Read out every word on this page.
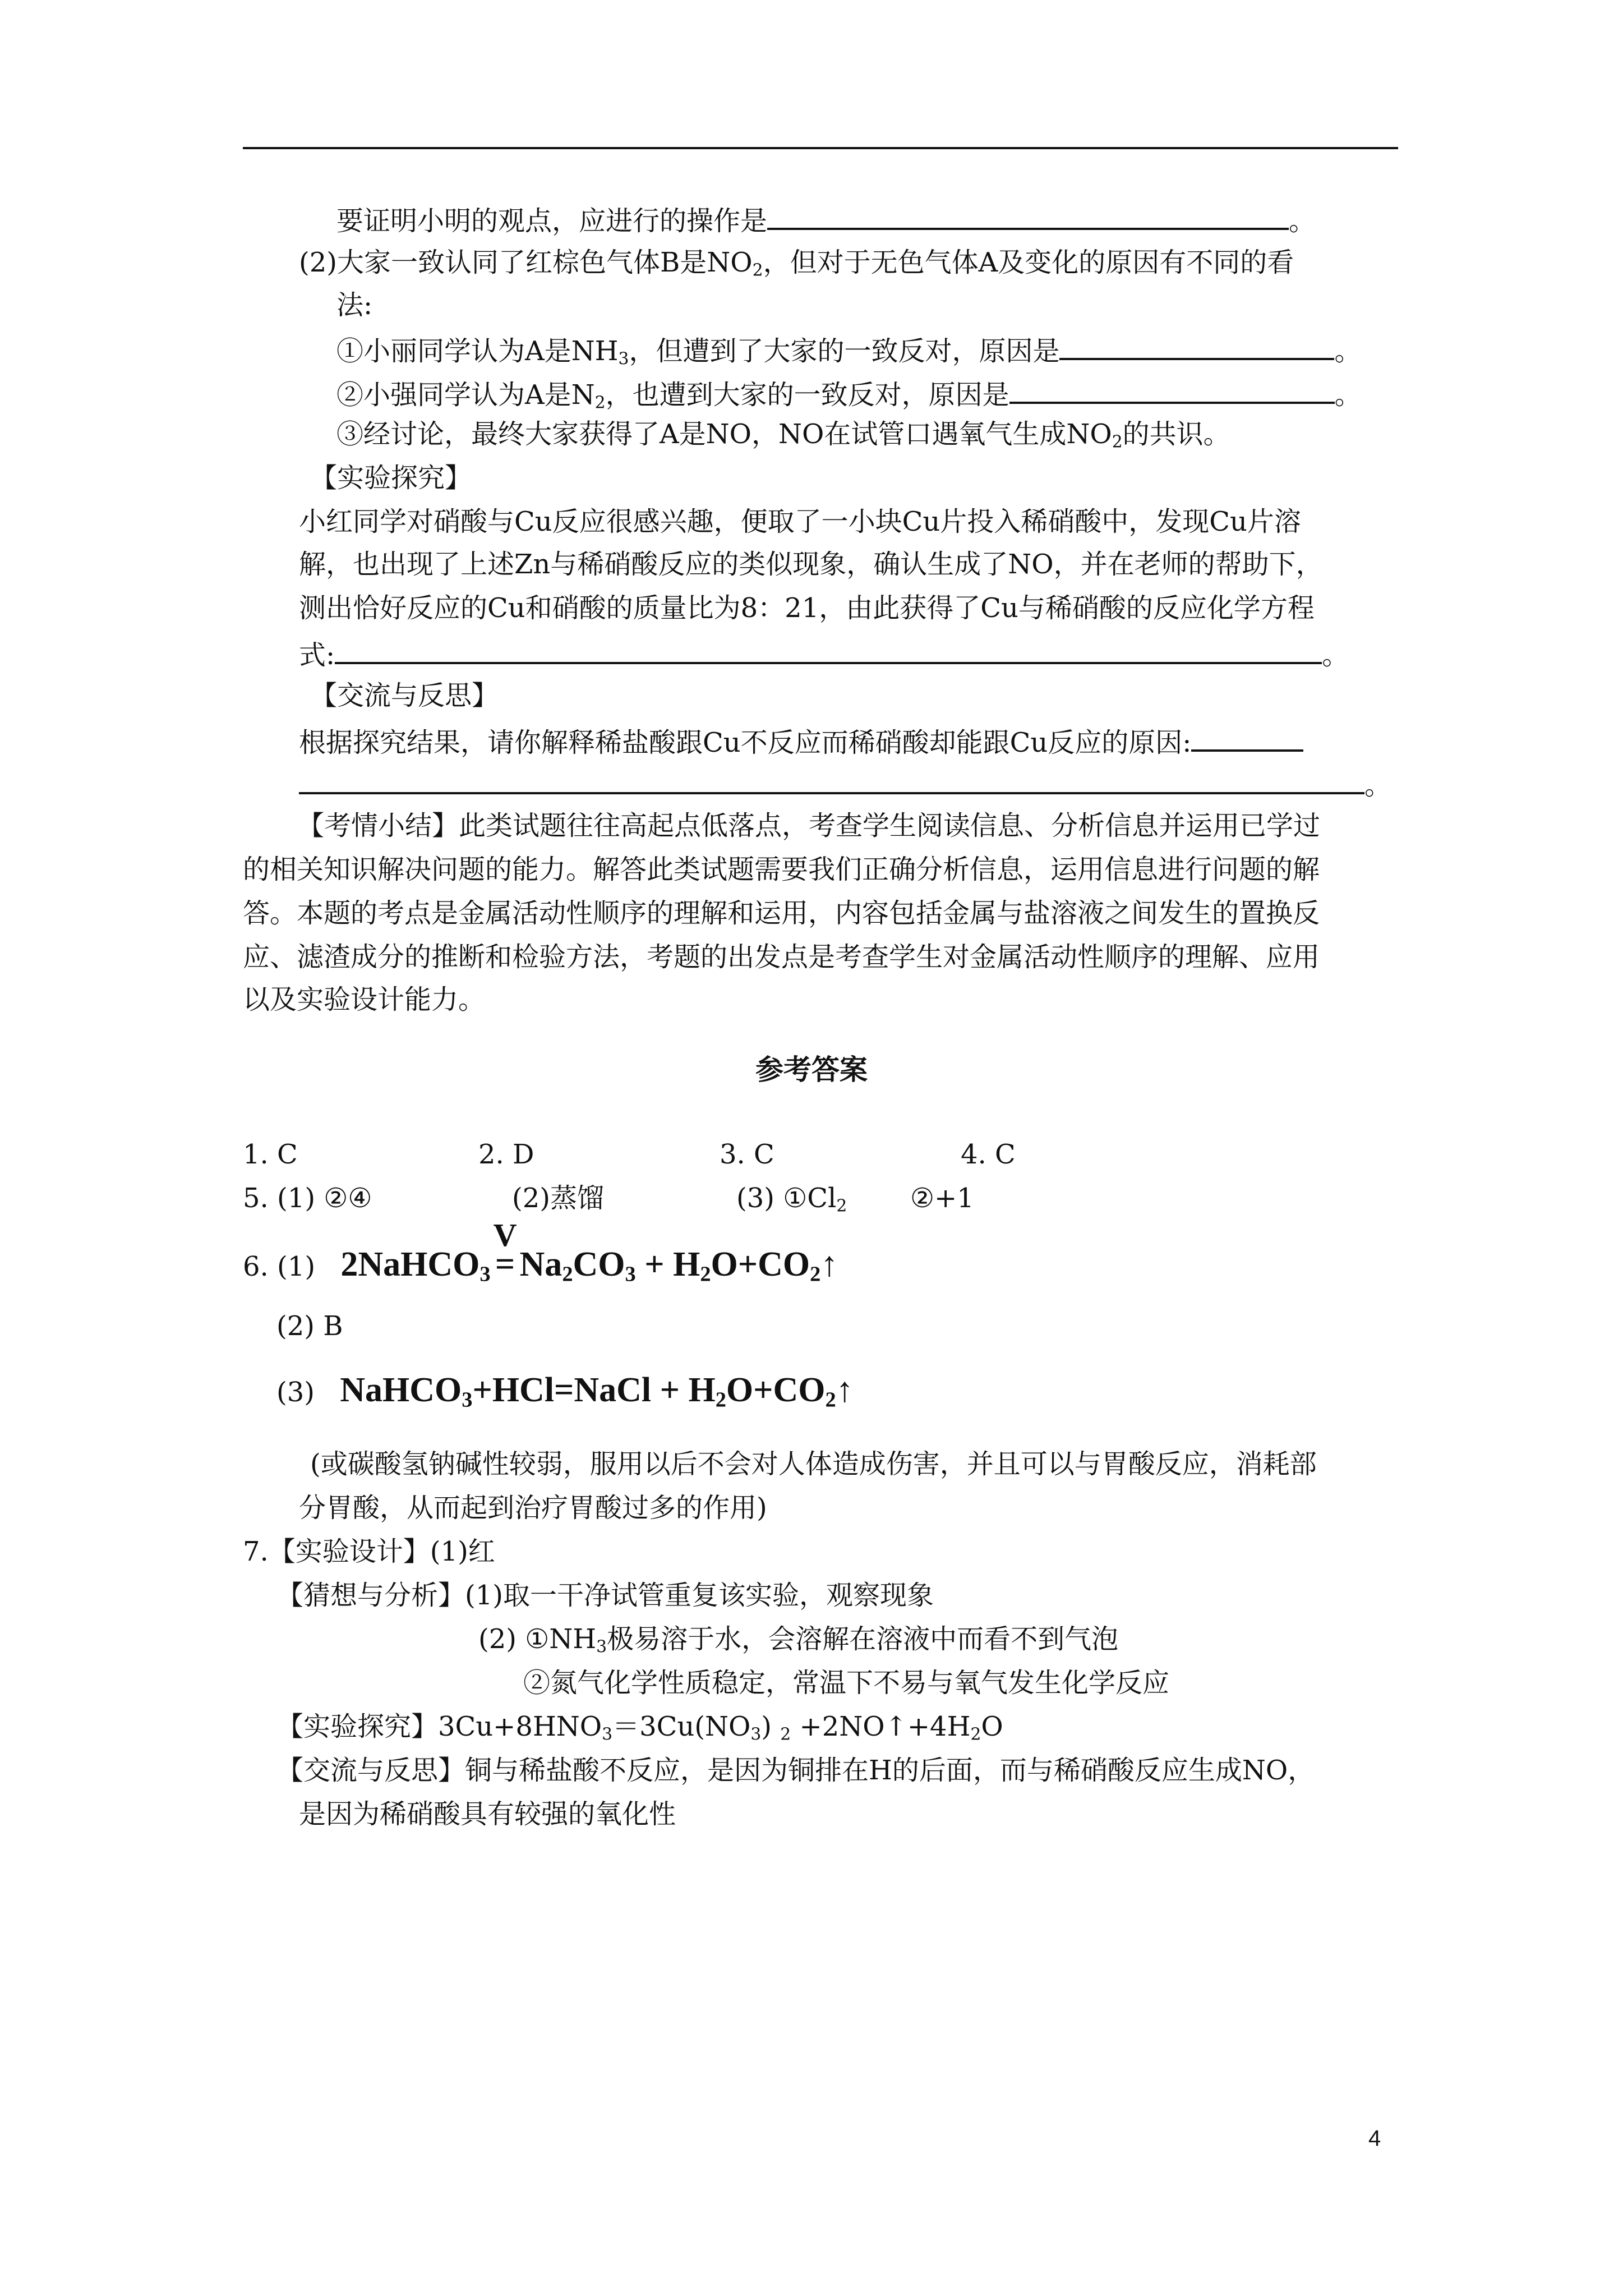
要证明小明的观点，应进行的操作是	。
(2)大家一致认同了红棕色气体B是$NO_2$，但对于无色气体A及变化的原因有不同的看
法:
①小丽同学认为A是$NH_3$，但遭到了大家的一致反对，原因是	。
②小强同学认为A是$N_2$，也遭到大家的一致反对，原因是	。
③经讨论，最终大家获得了A是NO，NO在试管口遇氧气生成$NO_2$的共识。
【实验探究】
小红同学对硝酸与Cu反应很感兴趣，便取了一小块Cu片投入稀硝酸中，发现Cu片溶
解，也出现了上述Zn与稀硝酸反应的类似现象，确认生成了NO，并在老师的帮助下，
测出恰好反应的Cu和硝酸的质量比为8：21，由此获得了Cu与稀硝酸的反应化学方程
式:	。
【交流与反思】
根据探究结果，请你解释稀盐酸跟Cu不反应而稀硝酸却能跟Cu反应的原因:
。
【考情小结】此类试题往往高起点低落点，考查学生阅读信息、分析信息并运用已学过
的相关知识解决问题的能力。解答此类试题需要我们正确分析信息，运用信息进行问题的解
答。本题的考点是金属活动性顺序的理解和运用，内容包括金属与盐溶液之间发生的置换反
应、滤渣成分的推断和检验方法，考题的出发点是考查学生对金属活动性顺序的理解、应用
以及实验设计能力。
参考答案
1. C	2. D	3. C	4. C
5. (1) ②④	(2)蒸馏	(3) $①Cl_2$ ②+1
6. (1) 2NaHCO$_3$
V
= $Na_2CO_3$ + $H_2O+CO_2↑$
(2) B
(3) NaHCO$_3$+HCl=NaCl + $H_2O+CO_2↑$
(或碳酸氢钠碱性较弱，服用以后不会对人体造成伤害，并且可以与胃酸反应，消耗部
分胃酸，从而起到治疗胃酸过多的作用)
7.【实验设计】(1)红
【猜想与分析】(1)取一干净试管重复该实验，观察现象
(2) $①NH_3$极易溶于水，会溶解在溶液中而看不到气泡
②氮气化学性质稳定，常温下不易与氧气发生化学反应
【实验探究】$3Cu+8HNO_3=3Cu(NO_3)$ $_2 +2NO↑+4H_2O$
【交流与反思】铜与稀盐酸不反应，是因为铜排在H的后面，而与稀硝酸反应生成NO，
是因为稀硝酸具有较强的氧化性
4
